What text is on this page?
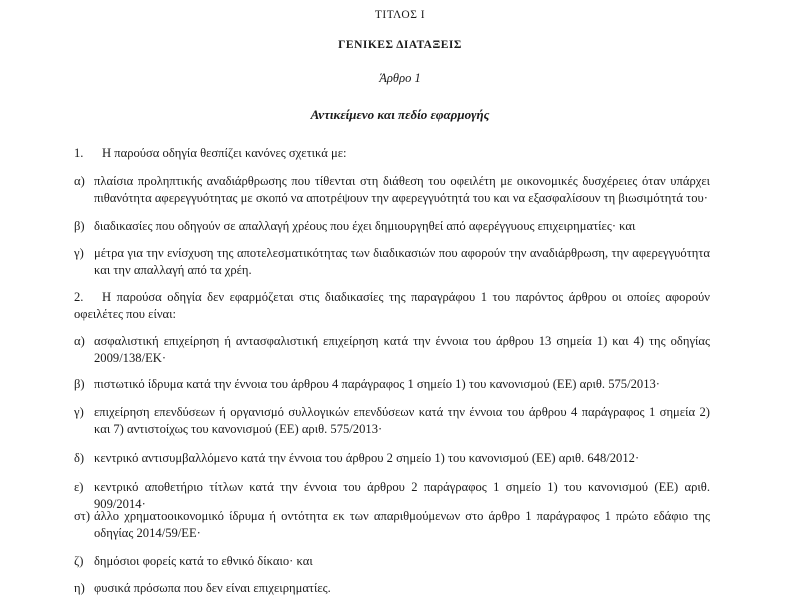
ΤΙΤΛΟΣ I
ΓΕΝΙΚΕΣ ΔΙΑΤΑΞΕΙΣ
Άρθρο 1
Αντικείμενο και πεδίο εφαρμογής
1. Η παρούσα οδηγία θεσπίζει κανόνες σχετικά με:
α) πλαίσια προληπτικής αναδιάρθρωσης που τίθενται στη διάθεση του οφειλέτη με οικονομικές δυσχέρειες όταν υπάρχει πιθανότητα αφερεγγυότητας με σκοπό να αποτρέψουν την αφερεγγυότητά του και να εξασφαλίσουν τη βιωσιμότητά του·
β) διαδικασίες που οδηγούν σε απαλλαγή χρέους που έχει δημιουργηθεί από αφερέγγυους επιχειρηματίες· και
γ) μέτρα για την ενίσχυση της αποτελεσματικότητας των διαδικασιών που αφορούν την αναδιάρθρωση, την αφερεγγυότητα και την απαλλαγή από τα χρέη.
2. Η παρούσα οδηγία δεν εφαρμόζεται στις διαδικασίες της παραγράφου 1 του παρόντος άρθρου οι οποίες αφορούν οφειλέτες που είναι:
α) ασφαλιστική επιχείρηση ή αντασφαλιστική επιχείρηση κατά την έννοια του άρθρου 13 σημεία 1) και 4) της οδηγίας 2009/138/ΕΚ·
β) πιστωτικό ίδρυμα κατά την έννοια του άρθρου 4 παράγραφος 1 σημείο 1) του κανονισμού (ΕΕ) αριθ. 575/2013·
γ) επιχείρηση επενδύσεων ή οργανισμό συλλογικών επενδύσεων κατά την έννοια του άρθρου 4 παράγραφος 1 σημεία 2) και 7) αντιστοίχως του κανονισμού (ΕΕ) αριθ. 575/2013·
δ) κεντρικό αντισυμβαλλόμενο κατά την έννοια του άρθρου 2 σημείο 1) του κανονισμού (ΕΕ) αριθ. 648/2012·
ε) κεντρικό αποθετήριο τίτλων κατά την έννοια του άρθρου 2 παράγραφος 1 σημείο 1) του κανονισμού (ΕΕ) αριθ. 909/2014·
στ) άλλο χρηματοοικονομικό ίδρυμα ή οντότητα εκ των απαριθμούμενων στο άρθρο 1 παράγραφος 1 πρώτο εδάφιο της οδηγίας 2014/59/ΕΕ·
ζ) δημόσιοι φορείς κατά το εθνικό δίκαιο· και
η) φυσικά πρόσωπα που δεν είναι επιχειρηματίες.
